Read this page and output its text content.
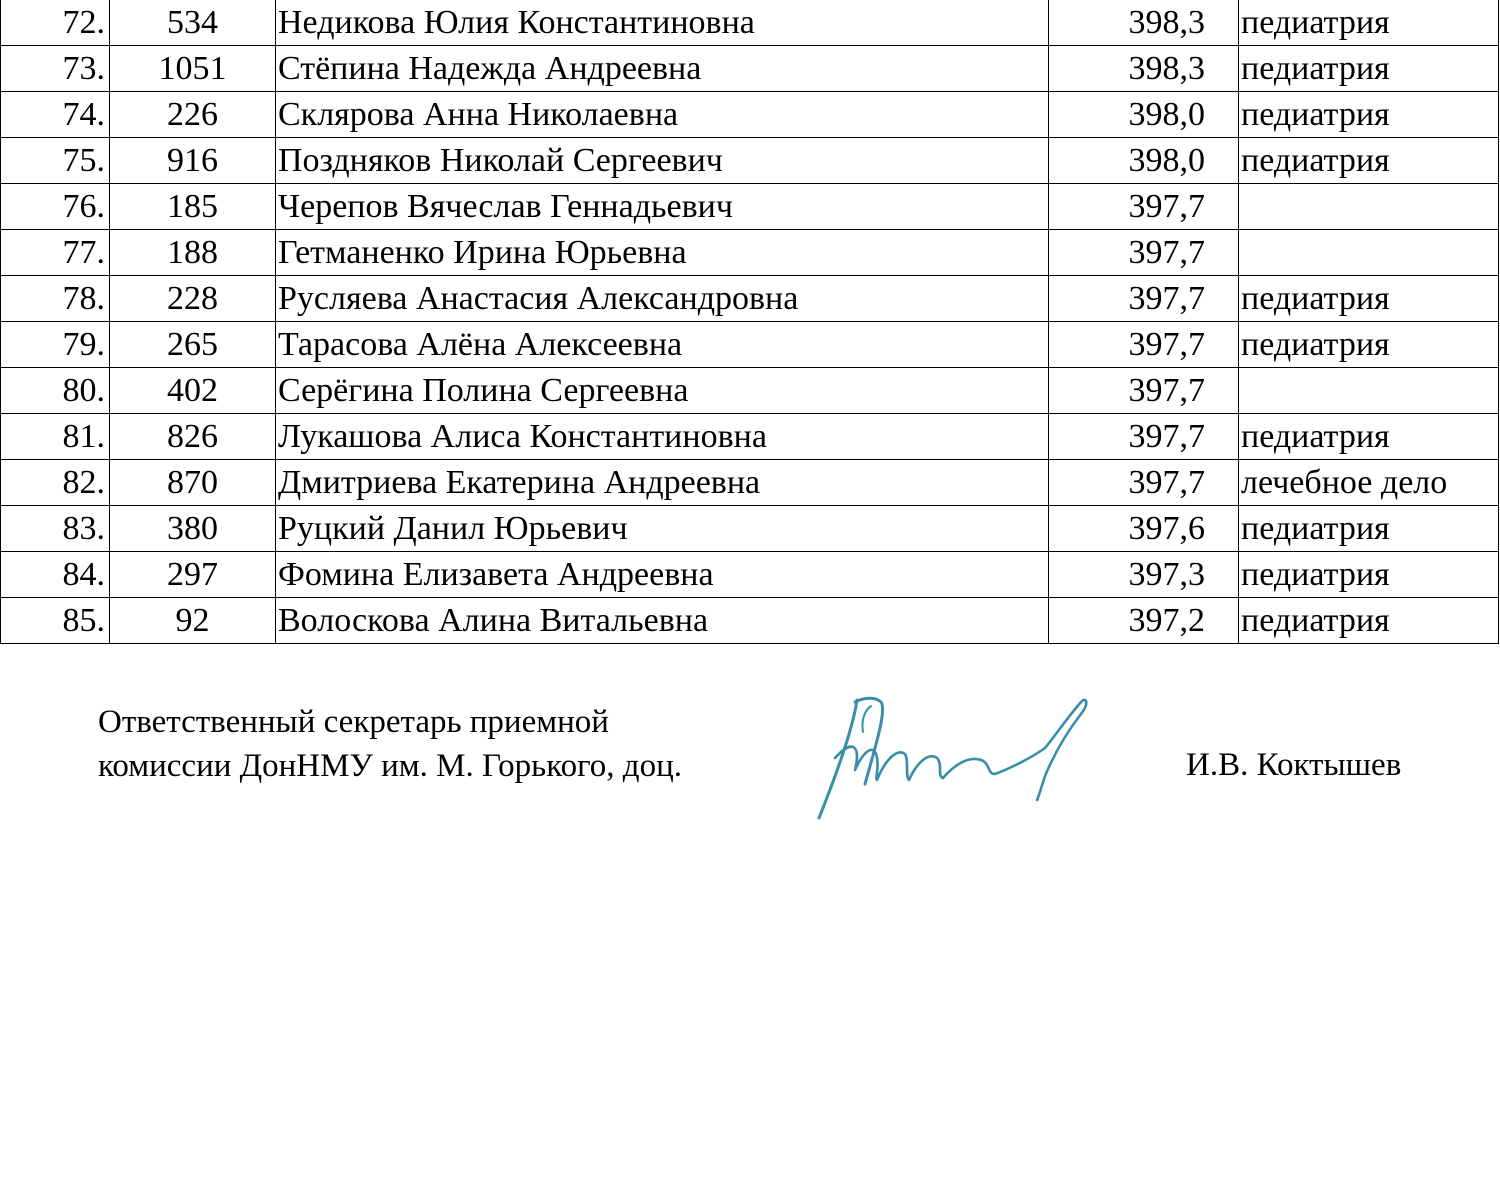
72.	534	Недикова Юлия Константиновна	398,3	педиатрия
73.	1051	Стёпина Надежда Андреевна	398,3	педиатрия
74.	226	Склярова Анна Николаевна	398,0	педиатрия
75.	916	Поздняков Николай Сергеевич	398,0	педиатрия
76.	185	Черепов Вячеслав Геннадьевич	397,7	
77.	188	Гетманенко Ирина Юрьевна	397,7	
78.	228	Русляева Анастасия Александровна	397,7	педиатрия
79.	265	Тарасова Алёна Алексеевна	397,7	педиатрия
80.	402	Серёгина Полина Сергеевна	397,7	
81.	826	Лукашова Алиса Константиновна	397,7	педиатрия
82.	870	Дмитриева Екатерина Андреевна	397,7	лечебное дело
83.	380	Руцкий Данил Юрьевич	397,6	педиатрия
84.	297	Фомина Елизавета Андреевна	397,3	педиатрия
85.	92	Волоскова Алина Витальевна	397,2	педиатрия
Ответственный секретарь приемной
комиссии ДонНМУ им. М. Горького, доц.	И.В. Коктышев
